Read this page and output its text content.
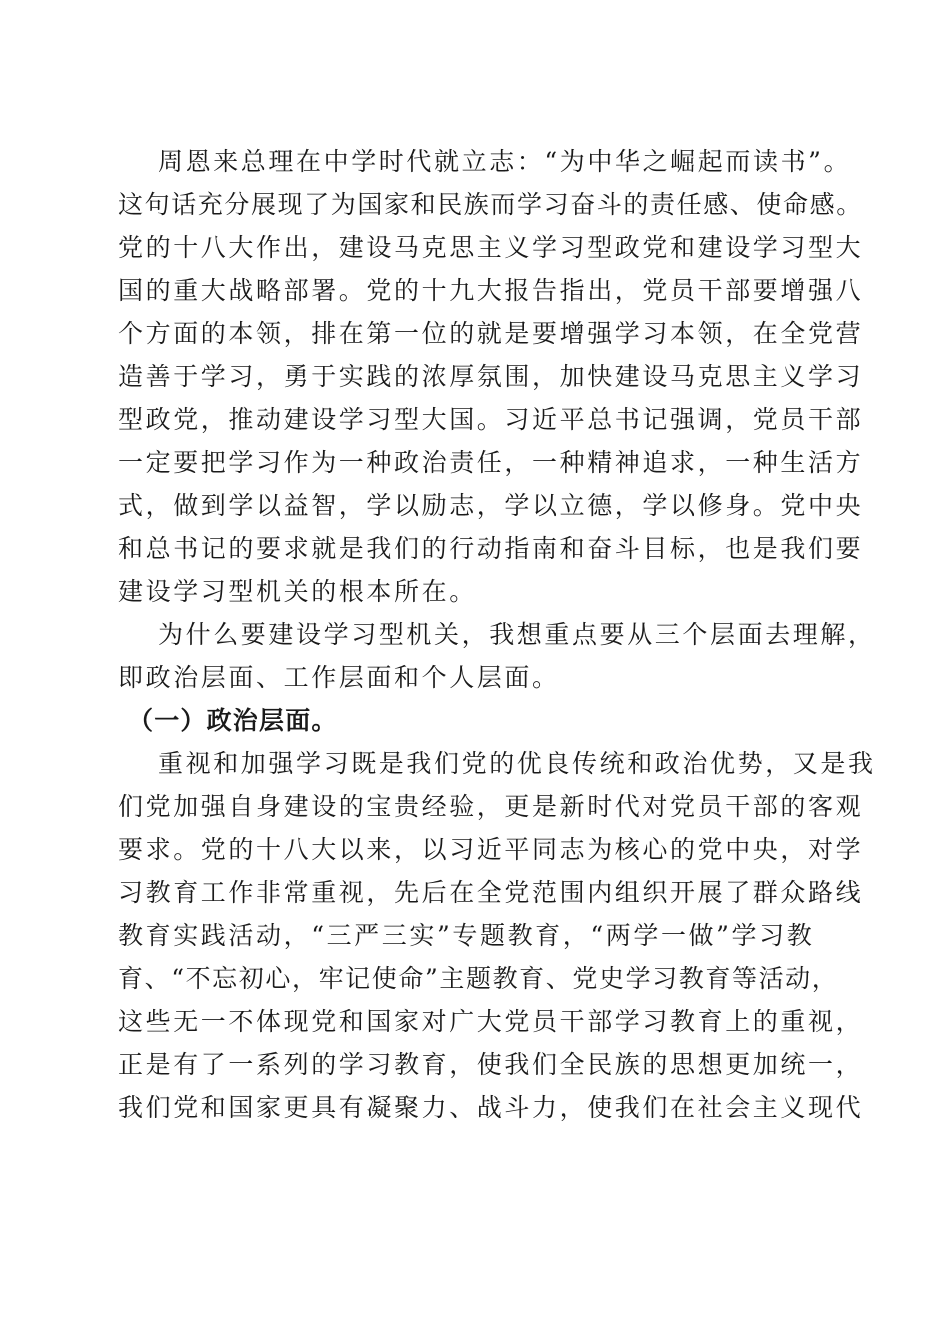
周恩来总理在中学时代就立志：“为中华之崛起而读书”。
这句话充分展现了为国家和民族而学习奋斗的责任感、使命感。
党的十八大作出，建设马克思主义学习型政党和建设学习型大
国的重大战略部署。党的十九大报告指出，党员干部要增强八
个方面的本领，排在第一位的就是要增强学习本领，在全党营
造善于学习，勇于实践的浓厚氛围，加快建设马克思主义学习
型政党，推动建设学习型大国。习近平总书记强调，党员干部
一定要把学习作为一种政治责任，一种精神追求，一种生活方
式，做到学以益智，学以励志，学以立德，学以修身。党中央
和总书记的要求就是我们的行动指南和奋斗目标，也是我们要
建设学习型机关的根本所在。
为什么要建设学习型机关，我想重点要从三个层面去理解，
即政治层面、工作层面和个人层面。
（一）政治层面。
重视和加强学习既是我们党的优良传统和政治优势，又是我
们党加强自身建设的宝贵经验，更是新时代对党员干部的客观
要求。党的十八大以来，以习近平同志为核心的党中央，对学
习教育工作非常重视，先后在全党范围内组织开展了群众路线
教育实践活动，“三严三实”专题教育，“两学一做”学习教
育、“不忘初心，牢记使命”主题教育、党史学习教育等活动，
这些无一不体现党和国家对广大党员干部学习教育上的重视，
正是有了一系列的学习教育，使我们全民族的思想更加统一，
我们党和国家更具有凝聚力、战斗力，使我们在社会主义现代
